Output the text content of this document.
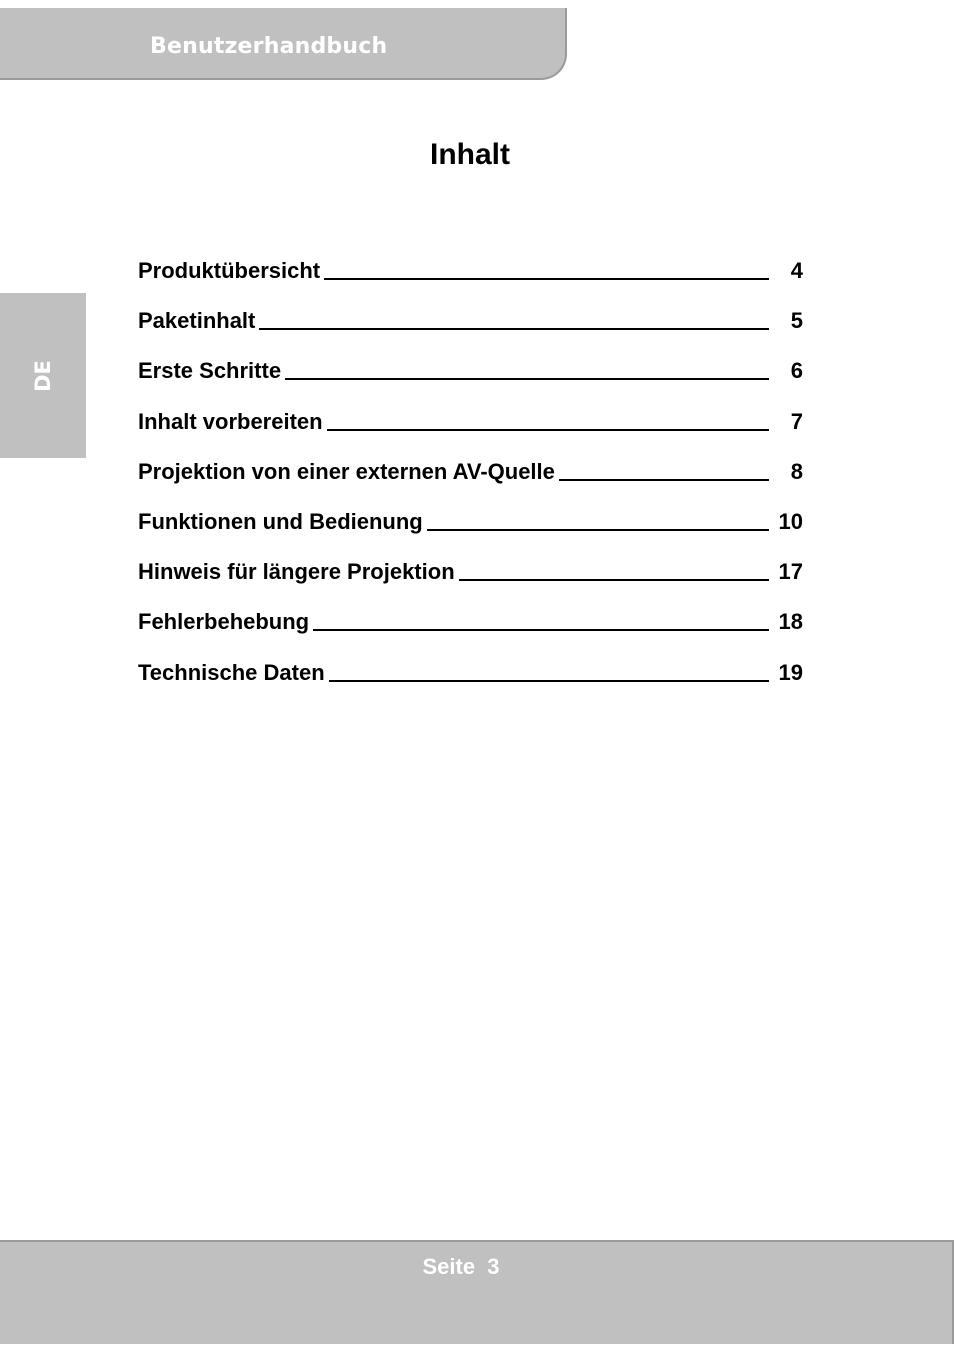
Benutzerhandbuch
DE
Inhalt
Produktübersicht	4
Paketinhalt	5
Erste Schritte	6
Inhalt vorbereiten	7
Projektion von einer externen AV-Quelle	8
Funktionen und Bedienung	10
Hinweis für längere Projektion	17
Fehlerbehebung	18
Technische Daten	19
Seite  3
